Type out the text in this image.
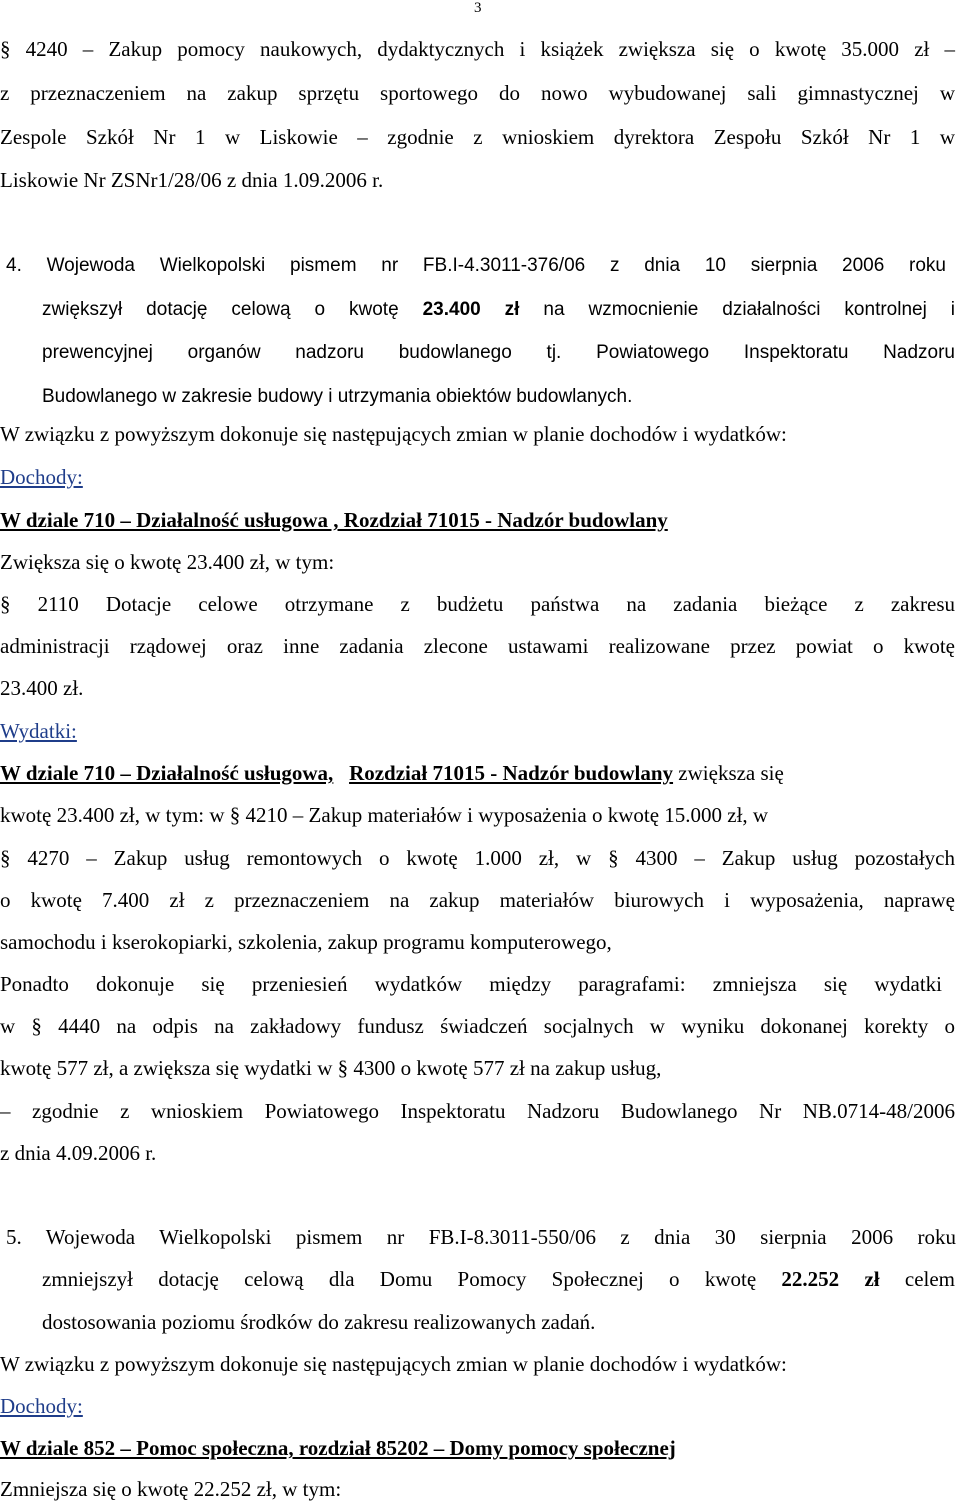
3
§ 4240 – Zakup pomocy naukowych, dydaktycznych i książek zwiększa się o kwotę 35.000 zł –
z przeznaczeniem na zakup sprzętu sportowego do nowo wybudowanej sali gimnastycznej w
Zespole Szkół Nr 1 w Liskowie – zgodnie z wnioskiem dyrektora Zespołu Szkół Nr 1 w
Liskowie Nr ZSNr1/28/06 z dnia 1.09.2006 r.
4. Wojewoda Wielkopolski pismem nr FB.I-4.3011-376/06 z dnia 10 sierpnia 2006 roku
zwiększył dotację celową o kwotę 23.400 zł na wzmocnienie działalności kontrolnej i
prewencyjnej organów nadzoru budowlanego tj. Powiatowego Inspektoratu Nadzoru
Budowlanego w zakresie budowy i utrzymania obiektów budowlanych.
W związku z powyższym dokonuje się następujących zmian w planie dochodów i wydatków:
Dochody:
W dziale 710 – Działalność usługowa , Rozdział 71015 - Nadzór budowlany
Zwiększa się o kwotę 23.400 zł, w tym:
§ 2110 Dotacje celowe otrzymane z budżetu państwa na zadania bieżące z zakresu
administracji rządowej oraz inne zadania zlecone ustawami realizowane przez powiat o kwotę
23.400 zł.
Wydatki:
W dziale 710 – Działalność usługowa, Rozdział 71015 - Nadzór budowlany zwiększa się
kwotę 23.400 zł, w tym: w § 4210 – Zakup materiałów i wyposażenia o kwotę 15.000 zł, w
§ 4270 – Zakup usług remontowych o kwotę 1.000 zł, w § 4300 – Zakup usług pozostałych
o kwotę 7.400 zł z przeznaczeniem na zakup materiałów biurowych i wyposażenia, naprawę
samochodu i kserokopiarki, szkolenia, zakup programu komputerowego,
Ponadto dokonuje się przeniesień wydatków między paragrafami: zmniejsza się wydatki
w § 4440 na odpis na zakładowy fundusz świadczeń socjalnych w wyniku dokonanej korekty o
kwotę 577 zł, a zwiększa się wydatki w § 4300 o kwotę 577 zł na zakup usług,
– zgodnie z wnioskiem Powiatowego Inspektoratu Nadzoru Budowlanego Nr NB.0714-48/2006
z dnia 4.09.2006 r.
5. Wojewoda Wielkopolski pismem nr FB.I-8.3011-550/06 z dnia 30 sierpnia 2006 roku
zmniejszył dotację celową dla Domu Pomocy Społecznej o kwotę 22.252 zł celem
dostosowania poziomu środków do zakresu realizowanych zadań.
W związku z powyższym dokonuje się następujących zmian w planie dochodów i wydatków:
Dochody:
W dziale 852 – Pomoc społeczna, rozdział 85202 – Domy pomocy społecznej
Zmniejsza się o kwotę 22.252 zł, w tym:
